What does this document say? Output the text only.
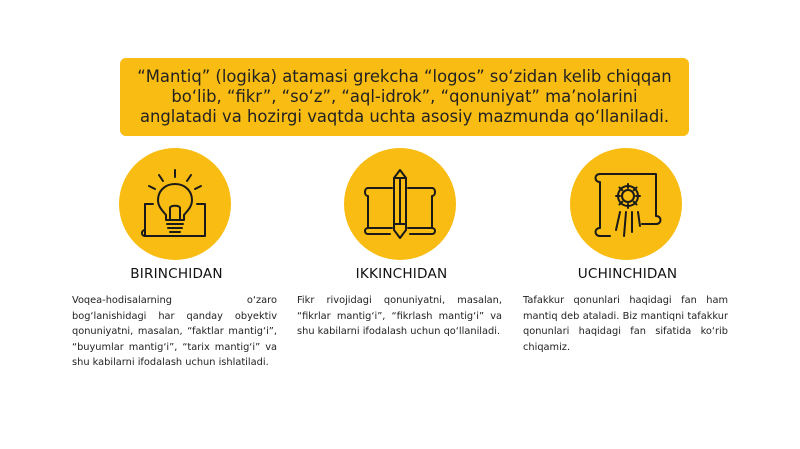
“Mantiq” (logika) atamasi grekcha “logos” so‘zidan kelib chiqqan bo‘lib, “fikr”, “so‘z”, “aql-idrok”, “qonuniyat” ma’nolarini anglatadi va hozirgi vaqtda uchta asosiy mazmunda qo‘llaniladi.
BIRINCHIDAN
Voqea-hodisalarning o‘zaro bog‘lanishidagi har qanday obyektiv qonuniyatni, masalan, “faktlar mantig‘i”, “buyumlar mantig‘i”, “tarix mantig‘i” va shu kabilarni ifodalash uchun ishlatiladi.
IKKINCHIDAN
Fikr rivojidagi qonuniyatni, masalan, “fikrlar mantig‘i”, “fikrlash mantig‘i” va shu kabilarni ifodalash uchun qo‘llaniladi.
UCHINCHIDAN
Tafakkur qonunlari haqidagi fan ham mantiq deb ataladi. Biz mantiqni tafakkur qonunlari haqidagi fan sifatida ko‘rib chiqamiz.
